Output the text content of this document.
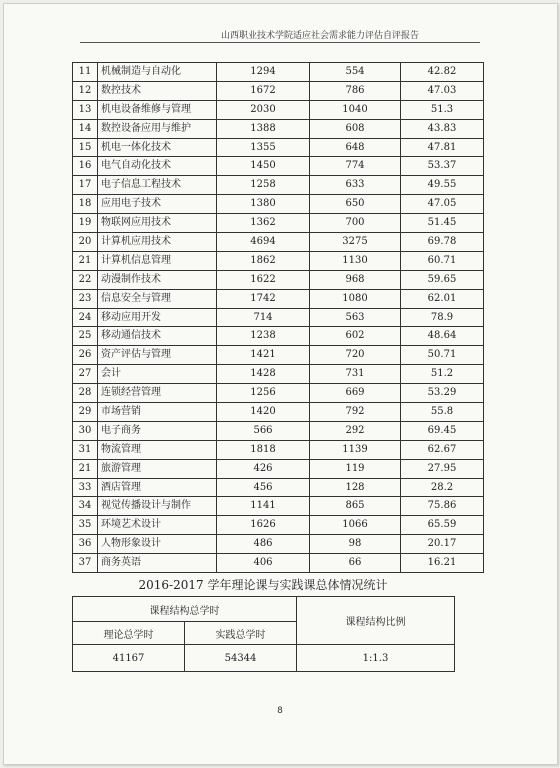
山西职业技术学院适应社会需求能力评估自评报告
11	机械制造与自动化	1294	554	42.82
12	数控技术	1672	786	47.03
13	机电设备维修与管理	2030	1040	51.3
14	数控设备应用与维护	1388	608	43.83
15	机电一体化技术	1355	648	47.81
16	电气自动化技术	1450	774	53.37
17	电子信息工程技术	1258	633	49.55
18	应用电子技术	1380	650	47.05
19	物联网应用技术	1362	700	51.45
20	计算机应用技术	4694	3275	69.78
21	计算机信息管理	1862	1130	60.71
22	动漫制作技术	1622	968	59.65
23	信息安全与管理	1742	1080	62.01
24	移动应用开发	714	563	78.9
25	移动通信技术	1238	602	48.64
26	资产评估与管理	1421	720	50.71
27	会计	1428	731	51.2
28	连锁经营管理	1256	669	53.29
29	市场营销	1420	792	55.8
30	电子商务	566	292	69.45
31	物流管理	1818	1139	62.67
21	旅游管理	426	119	27.95
33	酒店管理	456	128	28.2
34	视觉传播设计与制作	1141	865	75.86
35	环境艺术设计	1626	1066	65.59
36	人物形象设计	486	98	20.17
37	商务英语	406	66	16.21
2016-2017 学年理论课与实践课总体情况统计
课程结构总学时		课程结构比例
理论总学时	实践总学时	
41167	54344	1:1.3
8
